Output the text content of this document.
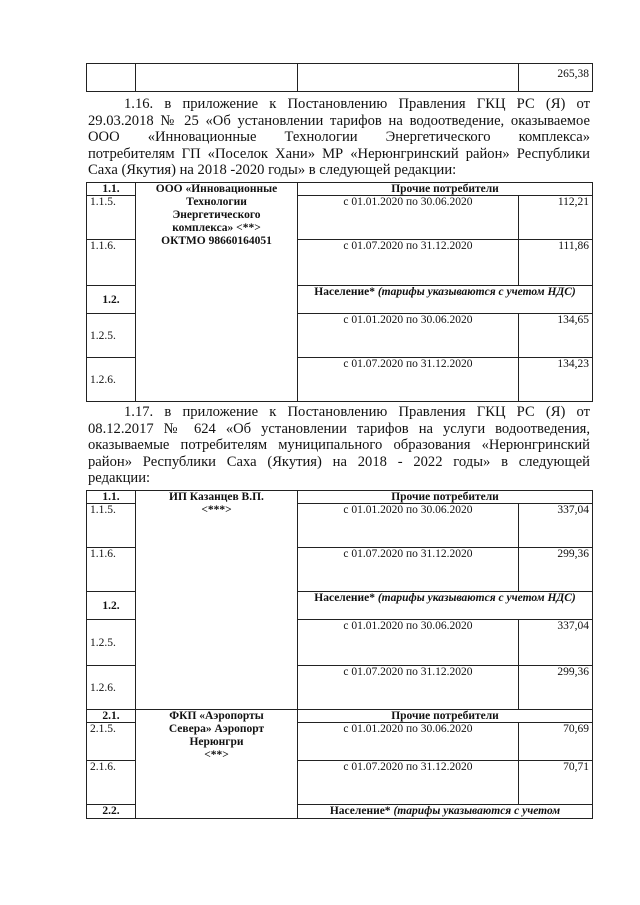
			265,38
1.16. в приложение к Постановлению Правления ГКЦ РС (Я) от
29.03.2018 № 25 «Об установлении тарифов на водоотведение, оказываемое
ООО «Инновационные Технологии Энергетического комплекса»
потребителям ГП «Поселок Хани» МР «Нерюнгринский район» Республики
Саха (Якутия) на 2018 -2020 годы» в следующей редакции:
1.1.	ООО «Инновационные
Технологии
Энергетического
комплекса» <**>
ОКТМО 98660164051	Прочие потребители	
1.1.5.		с 01.01.2020 по 30.06.2020	112,21
1.1.6.		с 01.07.2020 по 31.12.2020	111,86
1.2.		Население* (тарифы указываются с учетом НДС)	
1.2.5.		с 01.01.2020 по 30.06.2020	134,65
1.2.6.		с 01.07.2020 по 31.12.2020	134,23
1.17. в приложение к Постановлению Правления ГКЦ РС (Я) от
08.12.2017 № 624 «Об установлении тарифов на услуги водоотведения,
оказываемые потребителям муниципального образования «Нерюнгринский
район» Республики Саха (Якутия) на 2018 - 2022 годы» в следующей
редакции:
1.1.	ИП Казанцев В.П.
<***>	Прочие потребители	
1.1.5.		с 01.01.2020 по 30.06.2020	337,04
1.1.6.		с 01.07.2020 по 31.12.2020	299,36
1.2.		Население* (тарифы указываются с учетом НДС)	
1.2.5.		с 01.01.2020 по 30.06.2020	337,04
1.2.6.		с 01.07.2020 по 31.12.2020	299,36
2.1.	ФКП «Аэропорты
Севера» Аэропорт
Нерюнгри
<**>	Прочие потребители	
2.1.5.		с 01.01.2020 по 30.06.2020	70,69
2.1.6.		с 01.07.2020 по 31.12.2020	70,71
2.2.		Население* (тарифы указываются с учетом	
